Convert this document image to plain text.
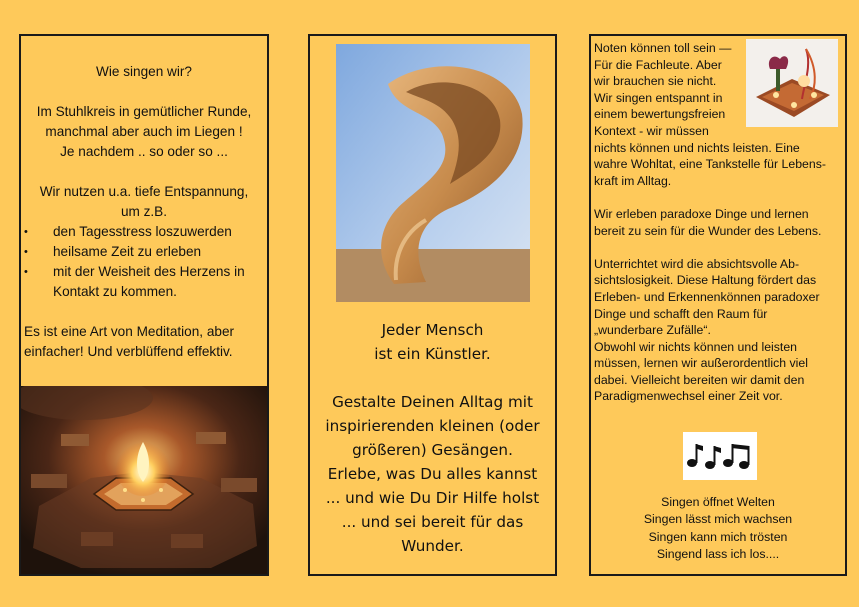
Wie singen wir?

Im Stuhlkreis in gemütlicher Runde,

manchmal aber auch im Liegen !

Je nachdem .. so oder so ...

Wir nutzen u.a. tiefe Entspannung,

um z.B.

• den Tagesstress loszuwerden
• heilsame Zeit zu erleben
• mit der Weisheit des Herzens in
Kontakt zu kommen.

Es ist eine Art von Meditation, aber

einfacher! Und verblüffend effektiv.

Jeder Mensch

ist ein Künstler.

Gestalte Deinen Alltag mit

inspirierenden kleinen (oder

größeren) Gesängen.

Erlebe, was Du alles kannst

... und wie Du Dir Hilfe holst

... und sei bereit für das

Wunder.

Noten können toll sein —

Für die Fachleute. Aber

wir brauchen sie nicht.

Wir singen entspannt in

einem bewertungsfreien

Kontext - wir müssen

nichts können und nichts leisten. Eine

wahre Wohltat, eine Tankstelle für Lebens-

kraft im Alltag.

Wir erleben paradoxe Dinge und lernen

bereit zu sein für die Wunder des Lebens.

Unterrichtet wird die absichtsvolle Ab-

sichtslosigkeit. Diese Haltung fördert das

Erleben- und Erkennenkönnen paradoxer

Dinge und schafft den Raum für

„wunderbare Zufälle“.

Obwohl wir nichts können und leisten

müssen, lernen wir außerordentlich viel

dabei. Vielleicht bereiten wir damit den

Paradigmenwechsel einer Zeit vor.

Singen öffnet Welten

Singen lässt mich wachsen

Singen kann mich trösten

Singend lass ich los....
